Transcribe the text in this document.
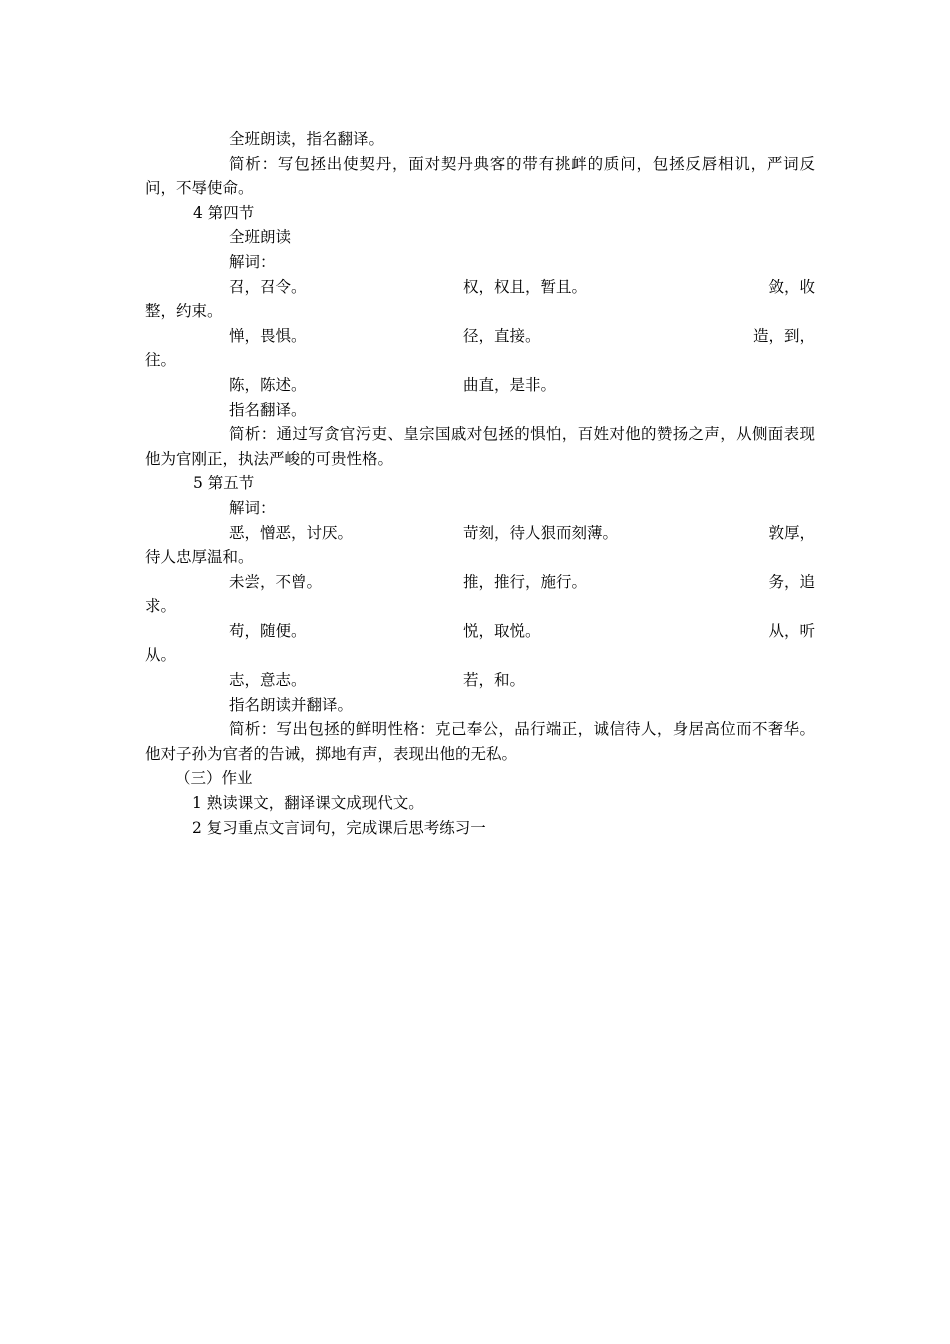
全班朗读，指名翻译。
简析：写包拯出使契丹，面对契丹典客的带有挑衅的质问，包拯反唇相讥，严词反问，不辱使命。
4 第四节
全班朗读
解词：
召，召令。	权，权且，暂且。	敛，收
整，约束。
惮，畏惧。	径，直接。	造，到，
往。
陈，陈述。	曲直，是非。
指名翻译。
简析：通过写贪官污吏、皇宗国戚对包拯的惧怕，百姓对他的赞扬之声，从侧面表现他为官刚正，执法严峻的可贵性格。
5 第五节
解词：
恶，憎恶，讨厌。	苛刻，待人狠而刻薄。	敦厚，
待人忠厚温和。
未尝，不曾。	推，推行，施行。	务，追
求。
苟，随便。	悦，取悦。	从，听
从。
志，意志。	若，和。
指名朗读并翻译。
简析：写出包拯的鲜明性格：克己奉公，品行端正，诚信待人，身居高位而不奢华。他对子孙为官者的告诫，掷地有声，表现出他的无私。
（三）作业
1 熟读课文，翻译课文成现代文。
2 复习重点文言词句，完成课后思考练习一
